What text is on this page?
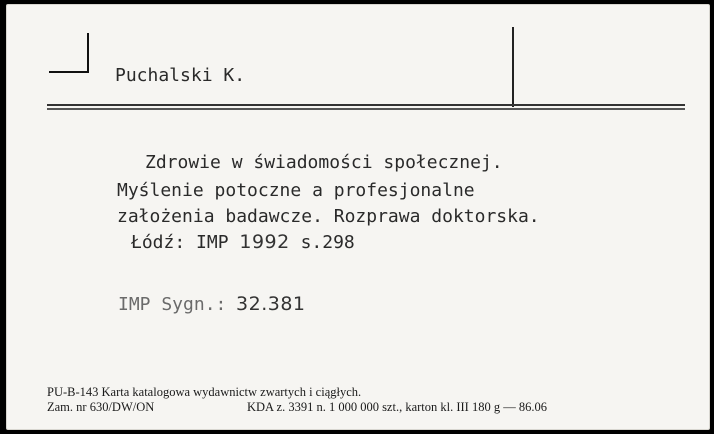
Puchalski K.
Zdrowie w świadomości społecznej.
Myślenie potoczne a profesjonalne
założenia badawcze. Rozprawa doktorska.
Łódź: IMP 1992 s.298
IMP Sygn.: 32.381
PU-B-143 Karta katalogowa wydawnictw zwartych i ciągłych.
Zam. nr 630/DW/ON	KDA z. 3391 n. 1 000 000 szt., karton kl. III 180 g — 86.06
